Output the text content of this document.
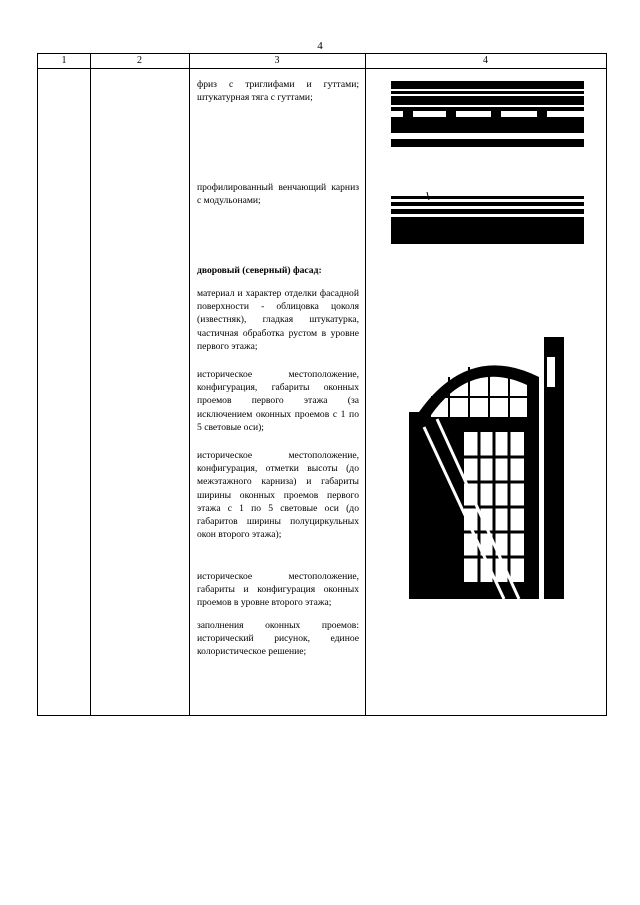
4
1	2	3	4
фриз с триглифами и гуттами; штукатурная тяга с гуттами;
профилированный венчающий карниз с модульонами;
дворовый (северный) фасад:
материал и характер отделки фасадной поверхности - облицовка цоколя (известняк), гладкая штукатурка, частичная обработка рустом в уровне первого этажа;
историческое местоположение, конфигурация, габариты оконных проемов первого этажа (за исключением оконных проемов с 1 по 5 световые оси);
историческое местоположение, конфигурация, отметки высоты (до межэтажного карниза) и габариты ширины оконных проемов первого этажа с 1 по 5 световые оси (до габаритов ширины полуциркульных окон второго этажа);
историческое местоположение, габариты и конфигурация оконных проемов в уровне второго этажа;
заполнения оконных проемов: исторический рисунок, единое колористическое решение;
